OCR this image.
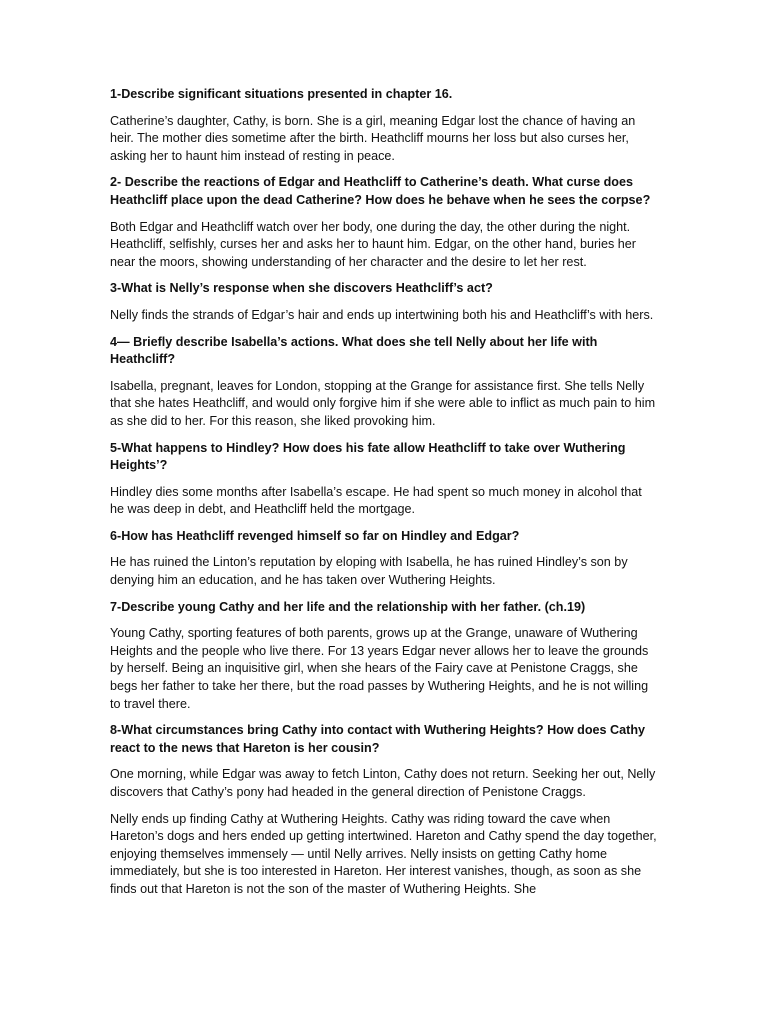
1-Describe significant situations presented in chapter 16.

Catherine’s daughter, Cathy, is born. She is a girl, meaning Edgar lost the chance of having an heir. The mother dies sometime after the birth. Heathcliff mourns her loss but also curses her, asking her to haunt him instead of resting in peace.

2- Describe the reactions of Edgar and Heathcliff to Catherine’s death. What curse does Heathcliff place upon the dead Catherine? How does he behave when he sees the corpse?

Both Edgar and Heathcliff watch over her body, one during the day, the other during the night. Heathcliff, selfishly, curses her and asks her to haunt him. Edgar, on the other hand, buries her near the moors, showing understanding of her character and the desire to let her rest.

3-What is Nelly’s response when she discovers Heathcliff’s act?

Nelly finds the strands of Edgar’s hair and ends up intertwining both his and Heathcliff’s with hers.

4— Briefly describe Isabella’s actions. What does she tell Nelly about her life with Heathcliff?

Isabella, pregnant, leaves for London, stopping at the Grange for assistance first. She tells Nelly that she hates Heathcliff, and would only forgive him if she were able to inflict as much pain to him as she did to her. For this reason, she liked provoking him.

5-What happens to Hindley? How does his fate allow Heathcliff to take over Wuthering Heights’?

Hindley dies some months after Isabella’s escape. He had spent so much money in alcohol that he was deep in debt, and Heathcliff held the mortgage.

6-How has Heathcliff revenged himself so far on Hindley and Edgar?

He has ruined the Linton’s reputation by eloping with Isabella, he has ruined Hindley’s son by denying him an education, and he has taken over Wuthering Heights.

7-Describe young Cathy and her life and the relationship with her father. (ch.19)

Young Cathy, sporting features of both parents, grows up at the Grange, unaware of Wuthering Heights and the people who live there. For 13 years Edgar never allows her to leave the grounds by herself. Being an inquisitive girl, when she hears of the Fairy cave at Penistone Craggs, she begs her father to take her there, but the road passes by Wuthering Heights, and he is not willing to travel there.

8-What circumstances bring Cathy into contact with Wuthering Heights? How does Cathy react to the news that Hareton is her cousin?

One morning, while Edgar was away to fetch Linton, Cathy does not return. Seeking her out, Nelly discovers that Cathy’s pony had headed in the general direction of Penistone Craggs.

Nelly ends up finding Cathy at Wuthering Heights. Cathy was riding toward the cave when Hareton’s dogs and hers ended up getting intertwined. Hareton and Cathy spend the day together, enjoying themselves immensely — until Nelly arrives. Nelly insists on getting Cathy home immediately, but she is too interested in Hareton. Her interest vanishes, though, as soon as she finds out that Hareton is not the son of the master of Wuthering Heights. She
